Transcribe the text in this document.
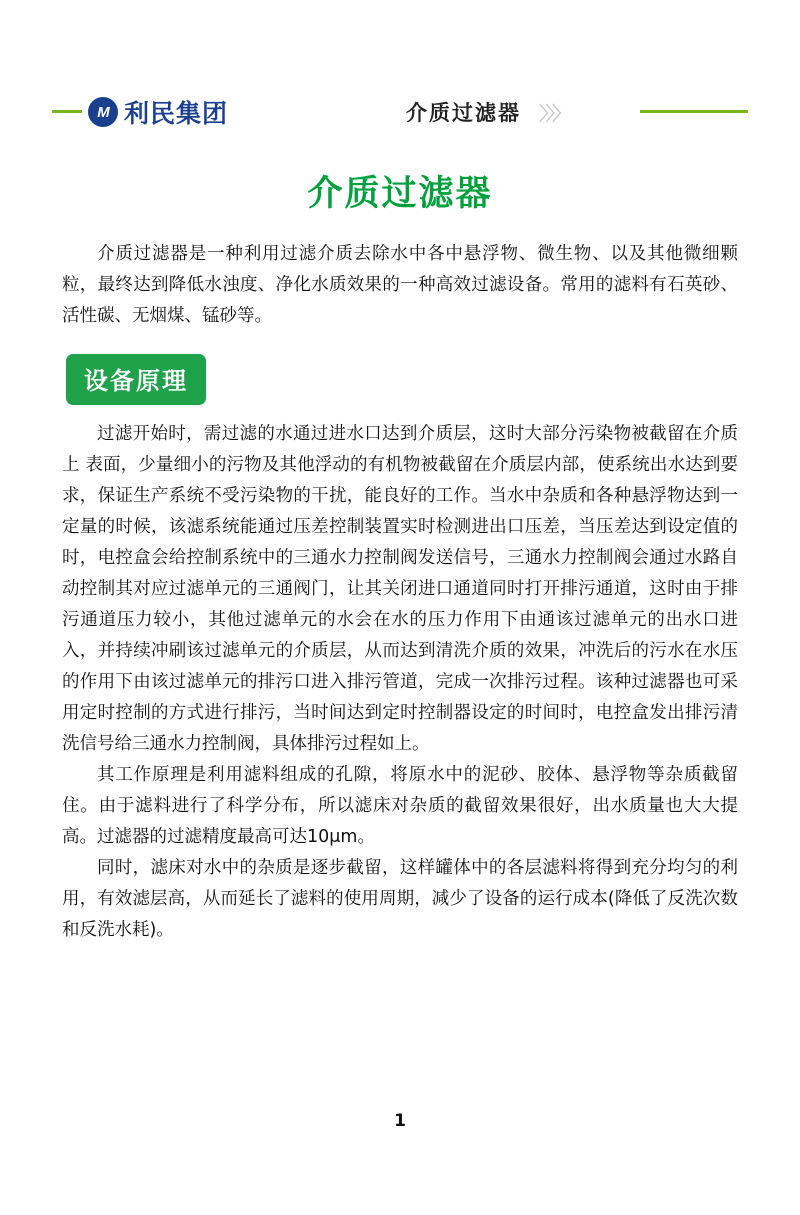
M 利民集团	介质过滤器 〉〉〉
介质过滤器

介质过滤器是一种利用过滤介质去除水中各中悬浮物、微生物、以及其他微细颗粒，最终达到降低水浊度、净化水质效果的一种高效过滤设备。常用的滤料有石英砂、活性碳、无烟煤、锰砂等。

设备原理

过滤开始时，需过滤的水通过进水口达到介质层，这时大部分污染物被截留在介质上 表面，少量细小的污物及其他浮动的有机物被截留在介质层内部，使系统出水达到要求，保证生产系统不受污染物的干扰，能良好的工作。当水中杂质和各种悬浮物达到一定量的时候，该滤系统能通过压差控制装置实时检测进出口压差，当压差达到设定值的时，电控盒会给控制系统中的三通水力控制阀发送信号，三通水力控制阀会通过水路自动控制其对应过滤单元的三通阀门，让其关闭进口通道同时打开排污通道，这时由于排污通道压力较小，其他过滤单元的水会在水的压力作用下由通该过滤单元的出水口进入，并持续冲刷该过滤单元的介质层，从而达到清洗介质的效果，冲洗后的污水在水压的作用下由该过滤单元的排污口进入排污管道，完成一次排污过程。该种过滤器也可采用定时控制的方式进行排污，当时间达到定时控制器设定的时间时，电控盒发出排污清洗信号给三通水力控制阀，具体排污过程如上。

其工作原理是利用滤料组成的孔隙，将原水中的泥砂、胶体、悬浮物等杂质截留住。由于滤料进行了科学分布，所以滤床对杂质的截留效果很好，出水质量也大大提高。过滤器的过滤精度最高可达10μm。

同时，滤床对水中的杂质是逐步截留，这样罐体中的各层滤料将得到充分均匀的利用，有效滤层高，从而延长了滤料的使用周期，减少了设备的运行成本(降低了反洗次数和反洗水耗)。

1
